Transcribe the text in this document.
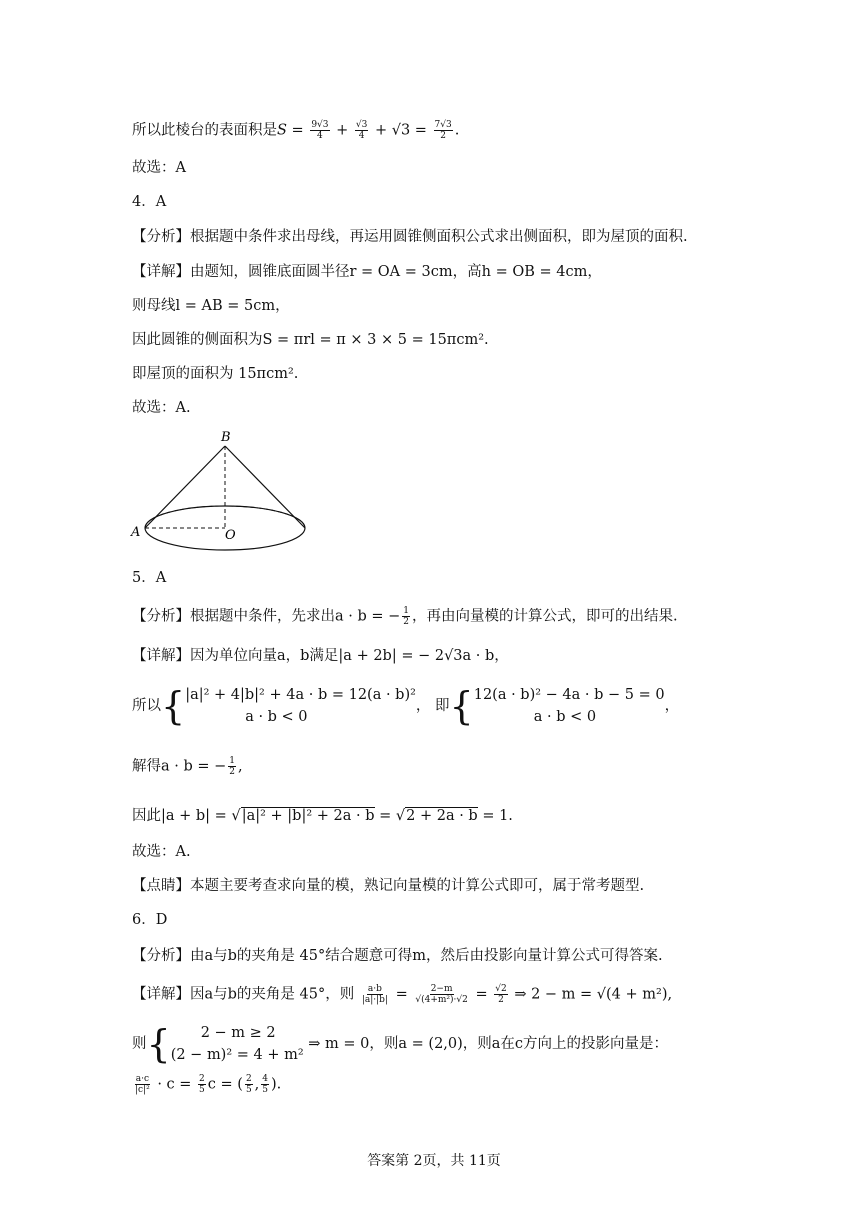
所以此棱台的表面积是$S = \frac{9√3}{4} + \frac{√3}{4} + √3 = \frac{7√3}{2}$ .
故选：A
4．A
【分析】根据题中条件求出母线，再运用圆锥侧面积公式求出侧面积，即为屋顶的面积.
【详解】由题知，圆锥底面圆半径r = OA = 3cm，高h = OB = 4cm，
则母线l = AB = 5cm，
因此圆锥的侧面积为S = πrl = π × 3 × 5 = 15πcm².
即屋顶的面积为 15πcm².
故选：A.
B
A	O
5．A
【分析】根据题中条件，先求出a · b = − $\frac{1}{2}$ ，再由向量模的计算公式，即可的出结果.
【详解】因为单位向量a，b满足|a + 2b| = − 2√3a · b，
所以{ |a|² + 4|b|² + 4a · b = 12(a · b)²
a · b < 0
， 即{ 12(a · b)² − 4a · b − 5 = 0
a · b < 0
，
解得a · b = − $\frac{1}{2}$ ,
因此|a + b| = √|a|² + |b|² + 2a · b = √2 + 2a · b = 1.
故选：A.
【点睛】本题主要考查求向量的模，熟记向量模的计算公式即可，属于常考题型.
6．D
【分析】由a与b的夹角是 45°结合题意可得m，然后由投影向量计算公式可得答案.
【详解】因a与b的夹角是 45°，则 $\frac{a\cdot b}{|a|\cdot|b|} = \frac{2-m}{\text{√(4+m²)·√2}} = \frac{√2}{2}$ ⇒ 2 − m = √(4 + m²),
则{	2 − m ≥ 2
(2 − m)² = 4 + m²
⇒ m = 0，则a = (2,0)，则a在c方向上的投影向量是：
$\frac{a\cdot c}{\text{|c|²}} \cdot c = \frac{2}{5}$ c = ( $\frac{2}{5}$ , $\frac{4}{5}$ ).
答案第 2页，共 11页
